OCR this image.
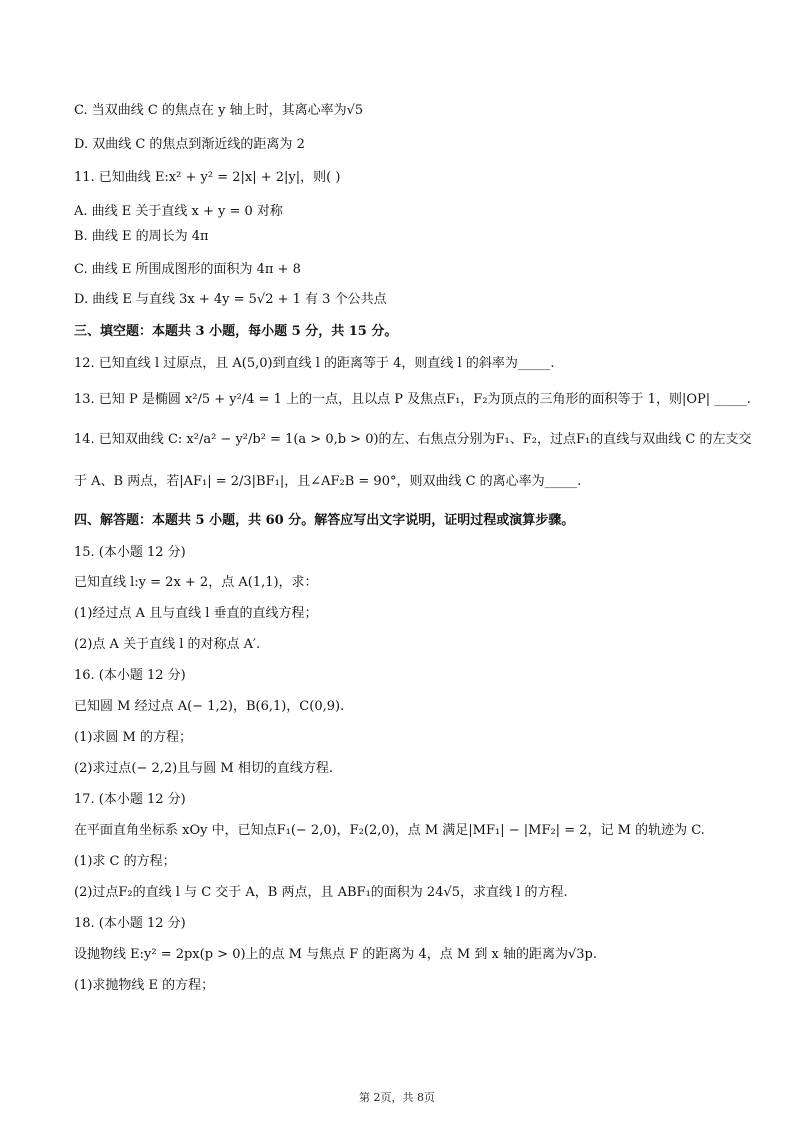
C. 当双曲线 C 的焦点在 y 轴上时，其离心率为√5
D. 双曲线 C 的焦点到渐近线的距离为 2
11. 已知曲线 E:x² + y² = 2|x| + 2|y|，则( )
A. 曲线 E 关于直线 x + y = 0 对称
B. 曲线 E 的周长为 4π
C. 曲线 E 所围成图形的面积为 4π + 8
D. 曲线 E 与直线 3x + 4y = 5√2 + 1 有 3 个公共点
三、填空题：本题共 3 小题，每小题 5 分，共 15 分。
12. 已知直线 l 过原点，且 A(5,0)到直线 l 的距离等于 4，则直线 l 的斜率为_____.
13. 已知 P 是椭圆 x²/5 + y²/4 = 1 上的一点，且以点 P 及焦点F₁，F₂为顶点的三角形的面积等于 1，则|OP| _____.
14. 已知双曲线 C: x²/a² − y²/b² = 1(a > 0,b > 0)的左、右焦点分别为F₁、F₂，过点F₁的直线与双曲线 C 的左支交
于 A、B 两点，若|AF₁| = 2/3|BF₁|，且∠AF₂B = 90°，则双曲线 C 的离心率为_____.
四、解答题：本题共 5 小题，共 60 分。解答应写出文字说明，证明过程或演算步骤。
15. (本小题 12 分)
已知直线 l:y = 2x + 2，点 A(1,1)，求：
(1)经过点 A 且与直线 l 垂直的直线方程；
(2)点 A 关于直线 l 的对称点 A′.
16. (本小题 12 分)
已知圆 M 经过点 A(− 1,2)，B(6,1)，C(0,9).
(1)求圆 M 的方程；
(2)求过点(− 2,2)且与圆 M 相切的直线方程.
17. (本小题 12 分)
在平面直角坐标系 xOy 中，已知点F₁(− 2,0)，F₂(2,0)，点 M 满足|MF₁| − |MF₂| = 2，记 M 的轨迹为 C.
(1)求 C 的方程；
(2)过点F₂的直线 l 与 C 交于 A，B 两点，且 ABF₁的面积为 24√5，求直线 l 的方程.
18. (本小题 12 分)
设抛物线 E:y² = 2px(p > 0)上的点 M 与焦点 F 的距离为 4，点 M 到 x 轴的距离为√3p.
(1)求抛物线 E 的方程；
第 2页，共 8页
